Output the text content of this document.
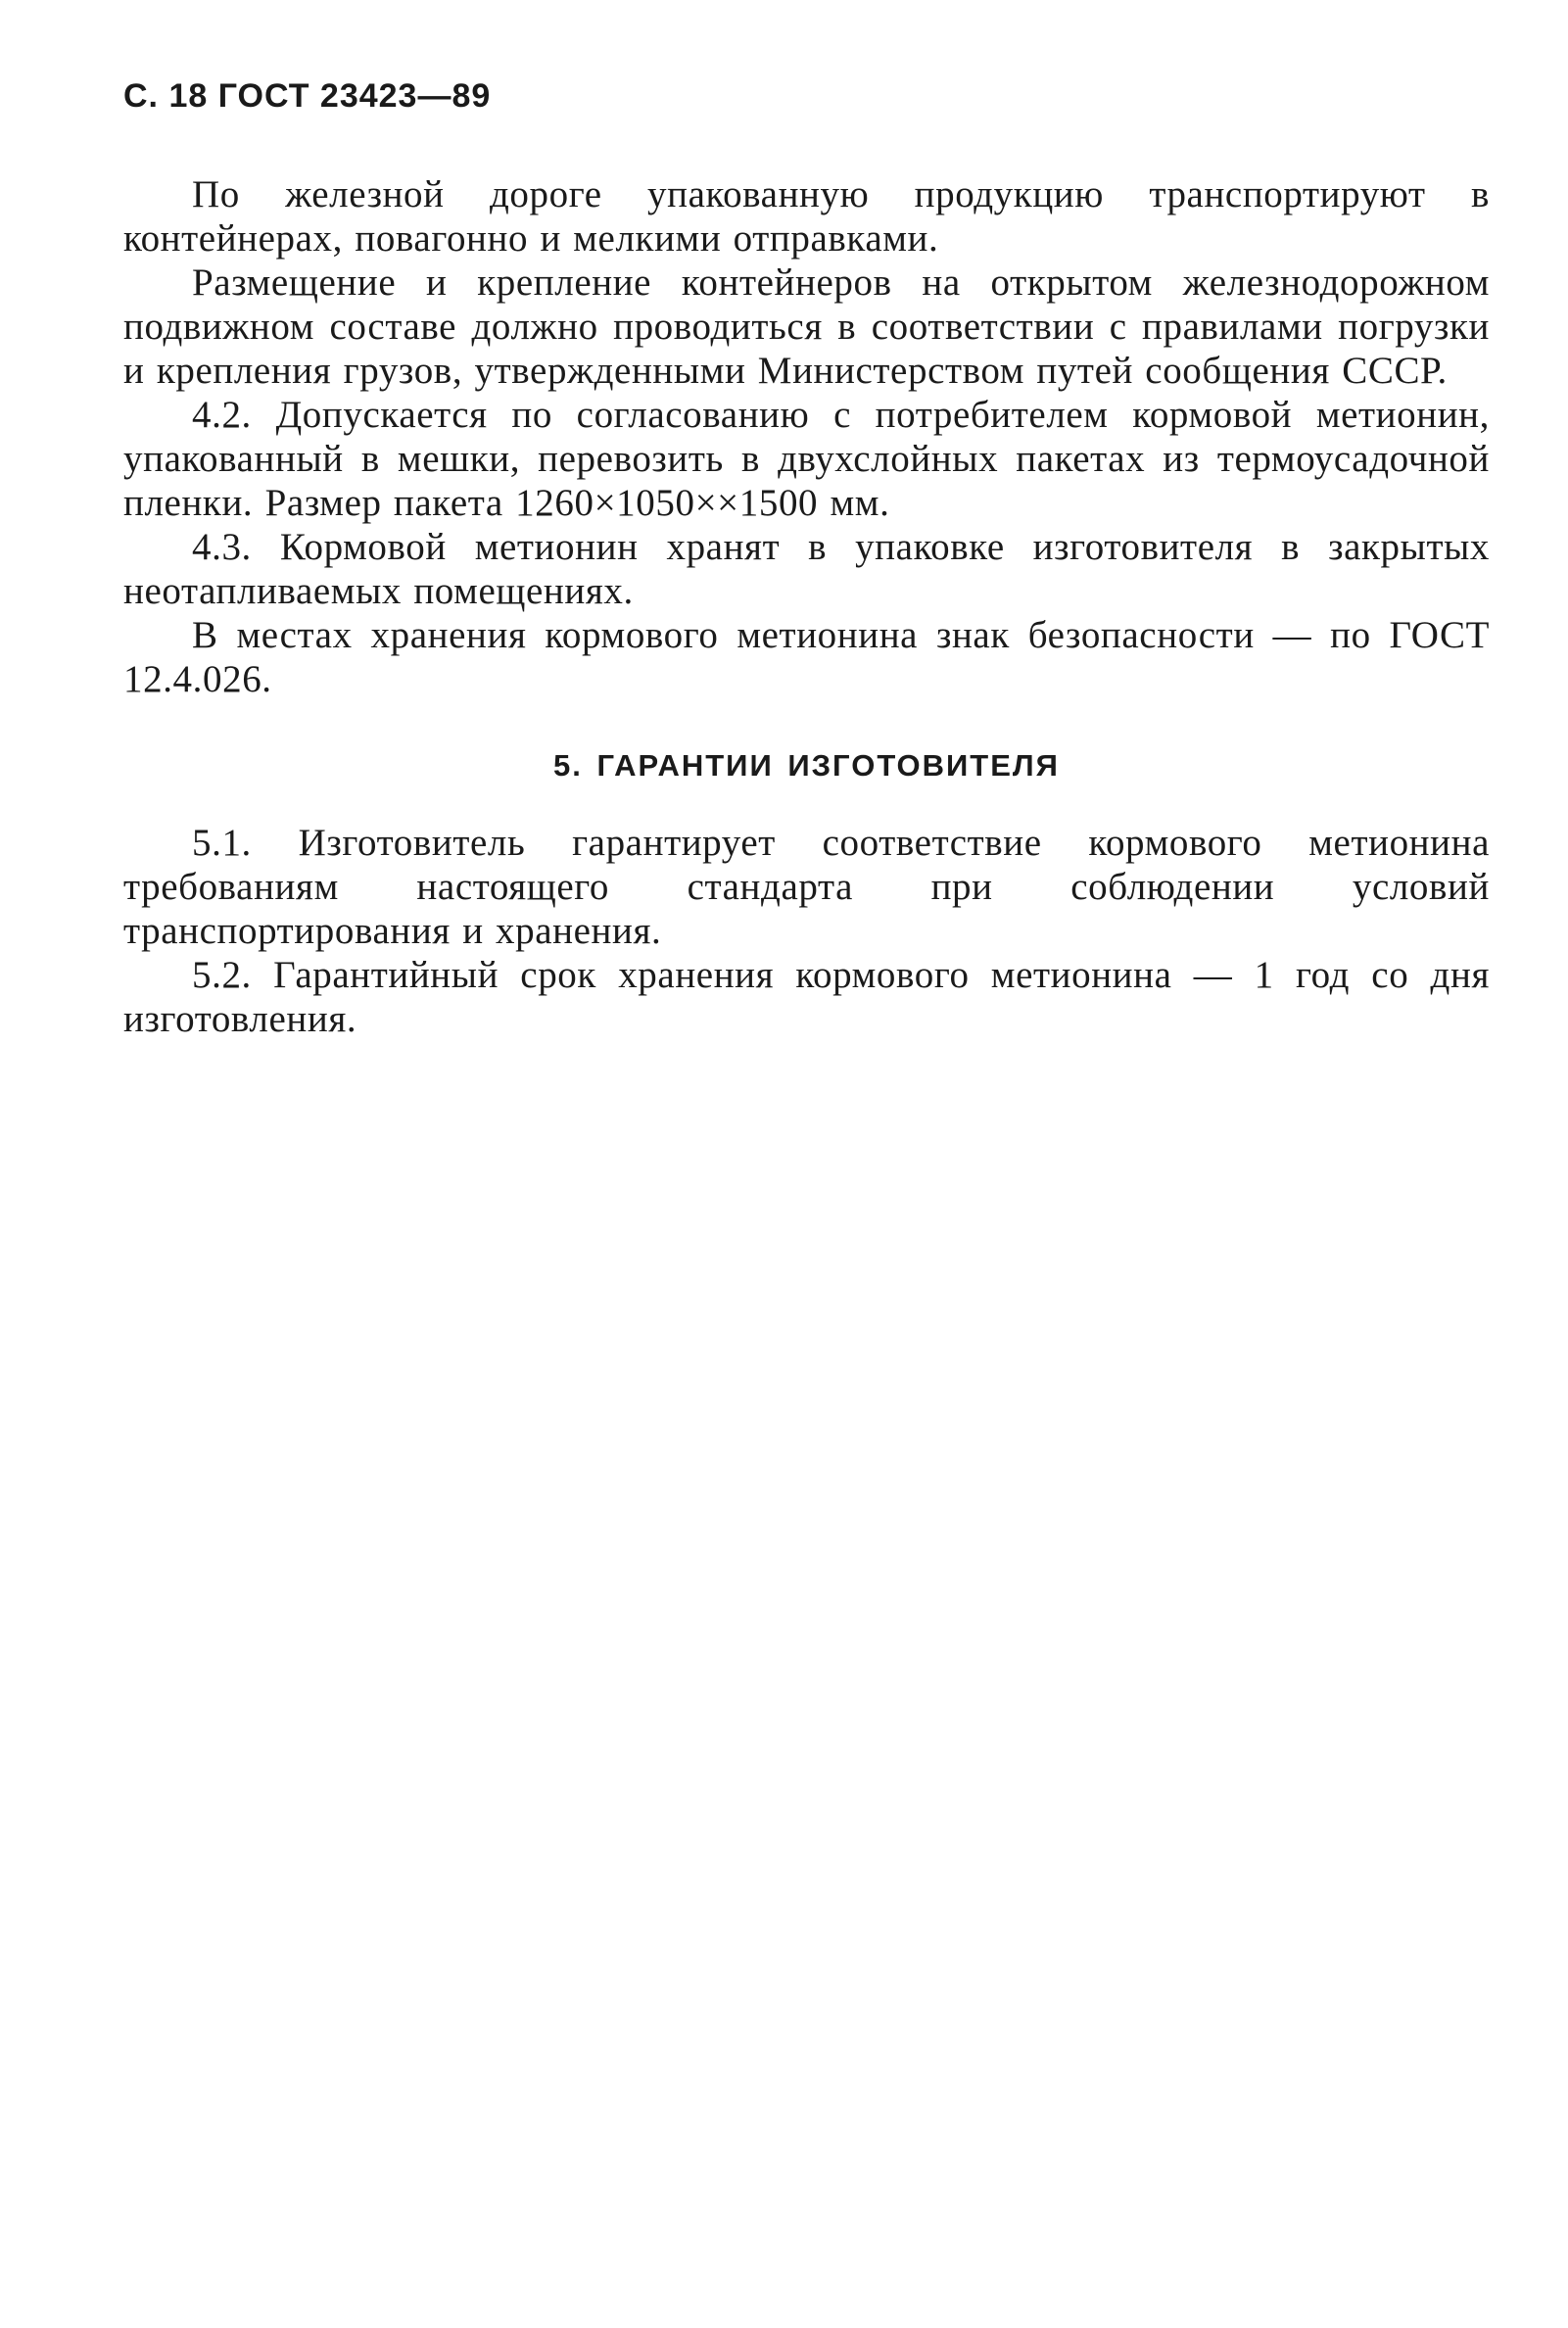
С. 18 ГОСТ 23423—89

По железной дороге упакованную продукцию транспортируют в контейнерах, повагонно и мелкими отправками.

Размещение и крепление контейнеров на открытом железнодорожном подвижном составе должно проводиться в соответствии с правилами погрузки и крепления грузов, утвержденными Министерством путей сообщения СССР.

4.2. Допускается по согласованию с потребителем кормовой метионин, упакованный в мешки, перевозить в двухслойных пакетах из термоусадочной пленки. Размер пакета 1260×1050××1500 мм.

4.3. Кормовой метионин хранят в упаковке изготовителя в закрытых неотапливаемых помещениях.

В местах хранения кормового метионина знак безопасности — по ГОСТ 12.4.026.

5. ГАРАНТИИ ИЗГОТОВИТЕЛЯ

5.1. Изготовитель гарантирует соответствие кормового метионина требованиям настоящего стандарта при соблюдении условий транспортирования и хранения.

5.2. Гарантийный срок хранения кормового метионина — 1 год со дня изготовления.
